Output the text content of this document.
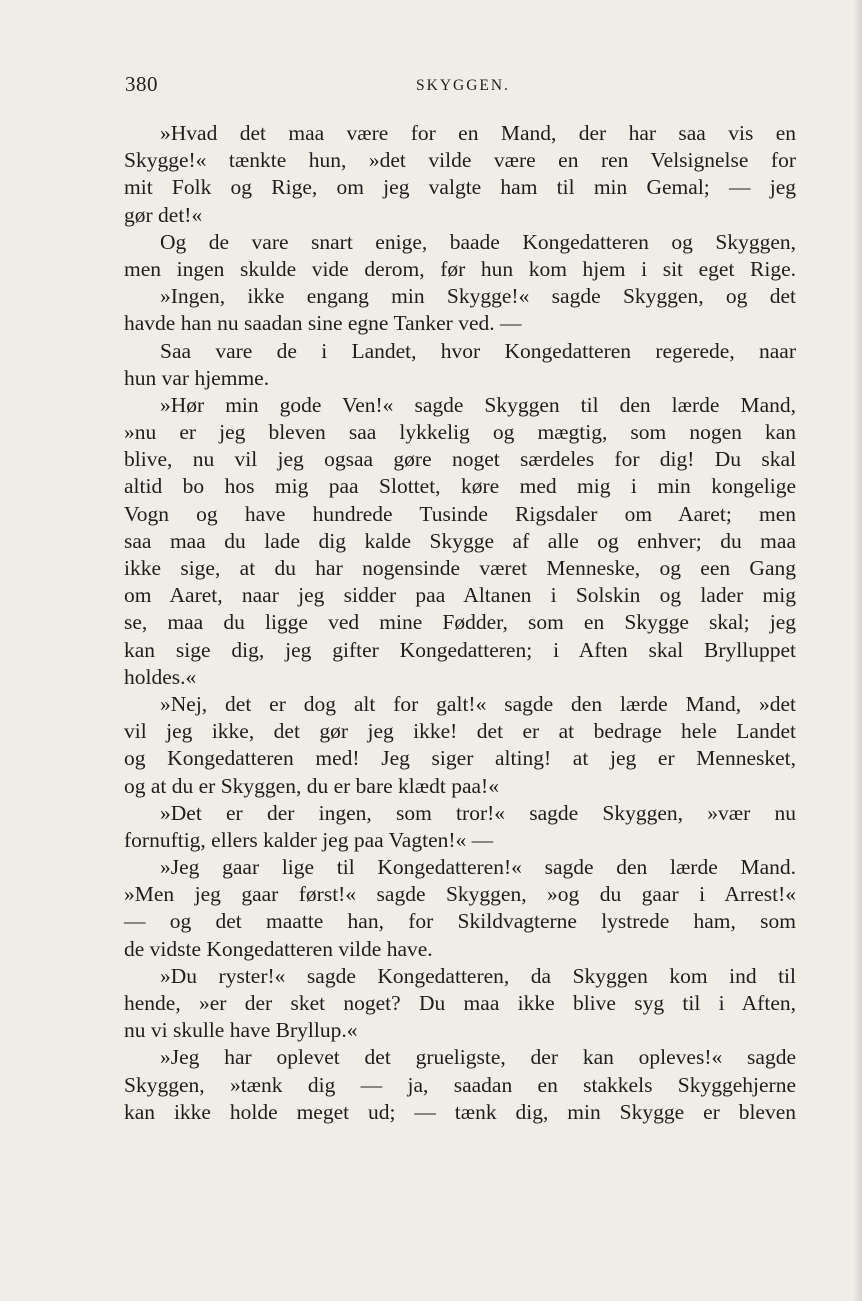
380	SKYGGEN.
»Hvad det maa være for en Mand, der har saa vis en
Skygge!« tænkte hun, »det vilde være en ren Velsignelse for
mit Folk og Rige, om jeg valgte ham til min Gemal; — jeg
gør det!«
Og de vare snart enige, baade Kongedatteren og Skyggen,
men ingen skulde vide derom, før hun kom hjem i sit eget Rige.
»Ingen, ikke engang min Skygge!« sagde Skyggen, og det
havde han nu saadan sine egne Tanker ved. —
Saa vare de i Landet, hvor Kongedatteren regerede, naar
hun var hjemme.
»Hør min gode Ven!« sagde Skyggen til den lærde Mand,
»nu er jeg bleven saa lykkelig og mægtig, som nogen kan
blive, nu vil jeg ogsaa gøre noget særdeles for dig! Du skal
altid bo hos mig paa Slottet, køre med mig i min kongelige
Vogn og have hundrede Tusinde Rigsdaler om Aaret; men
saa maa du lade dig kalde Skygge af alle og enhver; du maa
ikke sige, at du har nogensinde været Menneske, og een Gang
om Aaret, naar jeg sidder paa Altanen i Solskin og lader mig
se, maa du ligge ved mine Fødder, som en Skygge skal; jeg
kan sige dig, jeg gifter Kongedatteren; i Aften skal Brylluppet
holdes.«
»Nej, det er dog alt for galt!« sagde den lærde Mand, »det
vil jeg ikke, det gør jeg ikke! det er at bedrage hele Landet
og Kongedatteren med! Jeg siger alting! at jeg er Mennesket,
og at du er Skyggen, du er bare klædt paa!«
»Det er der ingen, som tror!« sagde Skyggen, »vær nu
fornuftig, ellers kalder jeg paa Vagten!« —
»Jeg gaar lige til Kongedatteren!« sagde den lærde Mand.
»Men jeg gaar først!« sagde Skyggen, »og du gaar i Arrest!«
— og det maatte han, for Skildvagterne lystrede ham, som
de vidste Kongedatteren vilde have.
»Du ryster!« sagde Kongedatteren, da Skyggen kom ind til
hende, »er der sket noget? Du maa ikke blive syg til i Aften,
nu vi skulle have Bryllup.«
»Jeg har oplevet det grueligste, der kan opleves!« sagde
Skyggen, »tænk dig — ja, saadan en stakkels Skyggehjerne
kan ikke holde meget ud; — tænk dig, min Skygge er bleven
